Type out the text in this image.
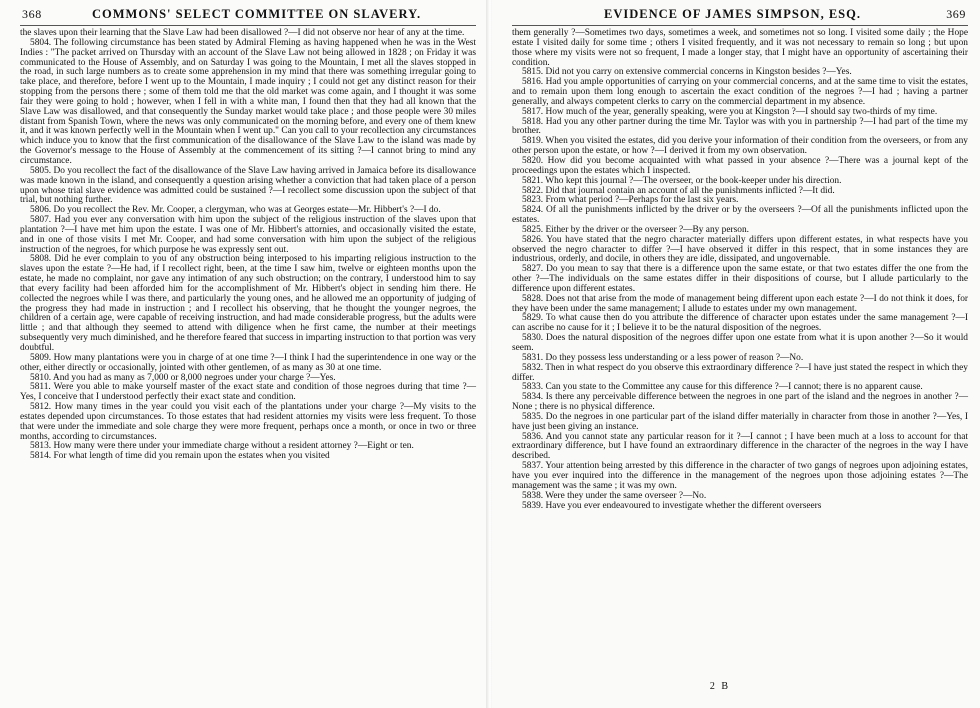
368	COMMONS' SELECT COMMITTEE ON SLAVERY.

the slaves upon their learning that the Slave Law had been disallowed ?—I did not observe nor hear of any at the time.

5804. The following circumstance has been stated by Admiral Fleming as having happened when he was in the West Indies : "The packet arrived on Thursday with an account of the Slave Law not being allowed in 1828 ; on Friday it was communicated to the House of Assembly, and on Saturday I was going to the Mountain, I met all the slaves stopped in the road, in such large numbers as to create some apprehension in my mind that there was something irregular going to take place, and therefore, before I went up to the Mountain, I made inquiry ; I could not get any distinct reason for their stopping from the persons there ; some of them told me that the old market was come again, and I thought it was some fair they were going to hold ; however, when I fell in with a white man, I found then that they had all known that the Slave Law was disallowed, and that consequently the Sunday market would take place ; and those people were 30 miles distant from Spanish Town, where the news was only communicated on the morning before, and every one of them knew it, and it was known perfectly well in the Mountain when I went up." Can you call to your recollection any circumstances which induce you to know that the first communication of the disallowance of the Slave Law to the island was made by the Governor's message to the House of Assembly at the commencement of its sitting ?—I cannot bring to mind any circumstance.

5805. Do you recollect the fact of the disallowance of the Slave Law having arrived in Jamaica before its disallowance was made known in the island, and consequently a question arising whether a conviction that had taken place of a person upon whose trial slave evidence was admitted could be sustained ?—I recollect some discussion upon the subject of that trial, but nothing further.

5806. Do you recollect the Rev. Mr. Cooper, a clergyman, who was at Georges estate—Mr. Hibbert's ?—I do.

5807. Had you ever any conversation with him upon the subject of the religious instruction of the slaves upon that plantation ?—I have met him upon the estate. I was one of Mr. Hibbert's attornies, and occasionally visited the estate, and in one of those visits I met Mr. Cooper, and had some conversation with him upon the subject of the religious instruction of the negroes, for which purpose he was expressly sent out.

5808. Did he ever complain to you of any obstruction being interposed to his imparting religious instruction to the slaves upon the estate ?—He had, if I recollect right, been, at the time I saw him, twelve or eighteen months upon the estate, he made no complaint, nor gave any intimation of any such obstruction; on the contrary, I understood him to say that every facility had been afforded him for the accomplishment of Mr. Hibbert's object in sending him there. He collected the negroes while I was there, and particularly the young ones, and he allowed me an opportunity of judging of the progress they had made in instruction ; and I recollect his observing, that he thought the younger negroes, the children of a certain age, were capable of receiving instruction, and had made considerable progress, but the adults were little ; and that although they seemed to attend with diligence when he first came, the number at their meetings subsequently very much diminished, and he therefore feared that success in imparting instruction to that portion was very doubtful.

5809. How many plantations were you in charge of at one time ?—I think I had the superintendence in one way or the other, either directly or occasionally, jointed with other gentlemen, of as many as 30 at one time.

5810. And you had as many as 7,000 or 8,000 negroes under your charge ?—Yes.

5811. Were you able to make yourself master of the exact state and condition of those negroes during that time ?—Yes, I conceive that I understood perfectly their exact state and condition.

5812. How many times in the year could you visit each of the plantations under your charge ?—My visits to the estates depended upon circumstances. To those estates that had resident attornies my visits were less frequent. To those that were under the immediate and sole charge they were more frequent, perhaps once a month, or once in two or three months, according to circumstances.

5813. How many were there under your immediate charge without a resident attorney ?—Eight or ten.

5814. For what length of time did you remain upon the estates when you visited

EVIDENCE OF JAMES SIMPSON, ESQ.	369

them generally ?—Sometimes two days, sometimes a week, and sometimes not so long. I visited some daily ; the Hope estate I visited daily for some time ; others I visited frequently, and it was not necessary to remain so long ; but upon those where my visits were not so frequent, I made a longer stay, that I might have an opportunity of ascertaining their condition.

5815. Did not you carry on extensive commercial concerns in Kingston besides ?—Yes.

5816. Had you ample opportunities of carrying on your commercial concerns, and at the same time to visit the estates, and to remain upon them long enough to ascertain the exact condition of the negroes ?—I had ; having a partner generally, and always competent clerks to carry on the commercial department in my absence.

5817. How much of the year, generally speaking, were you at Kingston ?—I should say two-thirds of my time.

5818. Had you any other partner during the time Mr. Taylor was with you in partnership ?—I had part of the time my brother.

5819. When you visited the estates, did you derive your information of their condition from the overseers, or from any other person upon the estate, or how ?—I derived it from my own observation.

5820. How did you become acquainted with what passed in your absence ?—There was a journal kept of the proceedings upon the estates which I inspected.

5821. Who kept this journal ?—The overseer, or the book-keeper under his direction.

5822. Did that journal contain an account of all the punishments inflicted ?—It did.

5823. From what period ?—Perhaps for the last six years.

5824. Of all the punishments inflicted by the driver or by the overseers ?—Of all the punishments inflicted upon the estates.

5825. Either by the driver or the overseer ?—By any person.

5826. You have stated that the negro character materially differs upon different estates, in what respects have you observed the negro character to differ ?—I have observed it differ in this respect, that in some instances they are industrious, orderly, and docile, in others they are idle, dissipated, and ungovernable.

5827. Do you mean to say that there is a difference upon the same estate, or that two estates differ the one from the other ?—The individuals on the same estates differ in their dispositions of course, but I allude particularly to the difference upon different estates.

5828. Does not that arise from the mode of management being different upon each estate ?—I do not think it does, for they have been under the same management; I allude to estates under my own management.

5829. To what cause then do you attribute the difference of character upon estates under the same management ?—I can ascribe no cause for it ; I believe it to be the natural disposition of the negroes.

5830. Does the natural disposition of the negroes differ upon one estate from what it is upon another ?—So it would seem.

5831. Do they possess less understanding or a less power of reason ?—No.

5832. Then in what respect do you observe this extraordinary difference ?—I have just stated the respect in which they differ.

5833. Can you state to the Committee any cause for this difference ?—I cannot; there is no apparent cause.

5834. Is there any perceivable difference between the negroes in one part of the island and the negroes in another ?—None ; there is no physical difference.

5835. Do the negroes in one particular part of the island differ materially in character from those in another ?—Yes, I have just been giving an instance.

5836. And you cannot state any particular reason for it ?—I cannot ; I have been much at a loss to account for that extraordinary difference, but I have found an extraordinary difference in the character of the negroes in the way I have described.

5837. Your attention being arrested by this difference in the character of two gangs of negroes upon adjoining estates, have you ever inquired into the difference in the management of the negroes upon those adjoining estates ?—The management was the same ; it was my own.

5838. Were they under the same overseer ?—No.

5839. Have you ever endeavoured to investigate whether the different overseers

2 B
